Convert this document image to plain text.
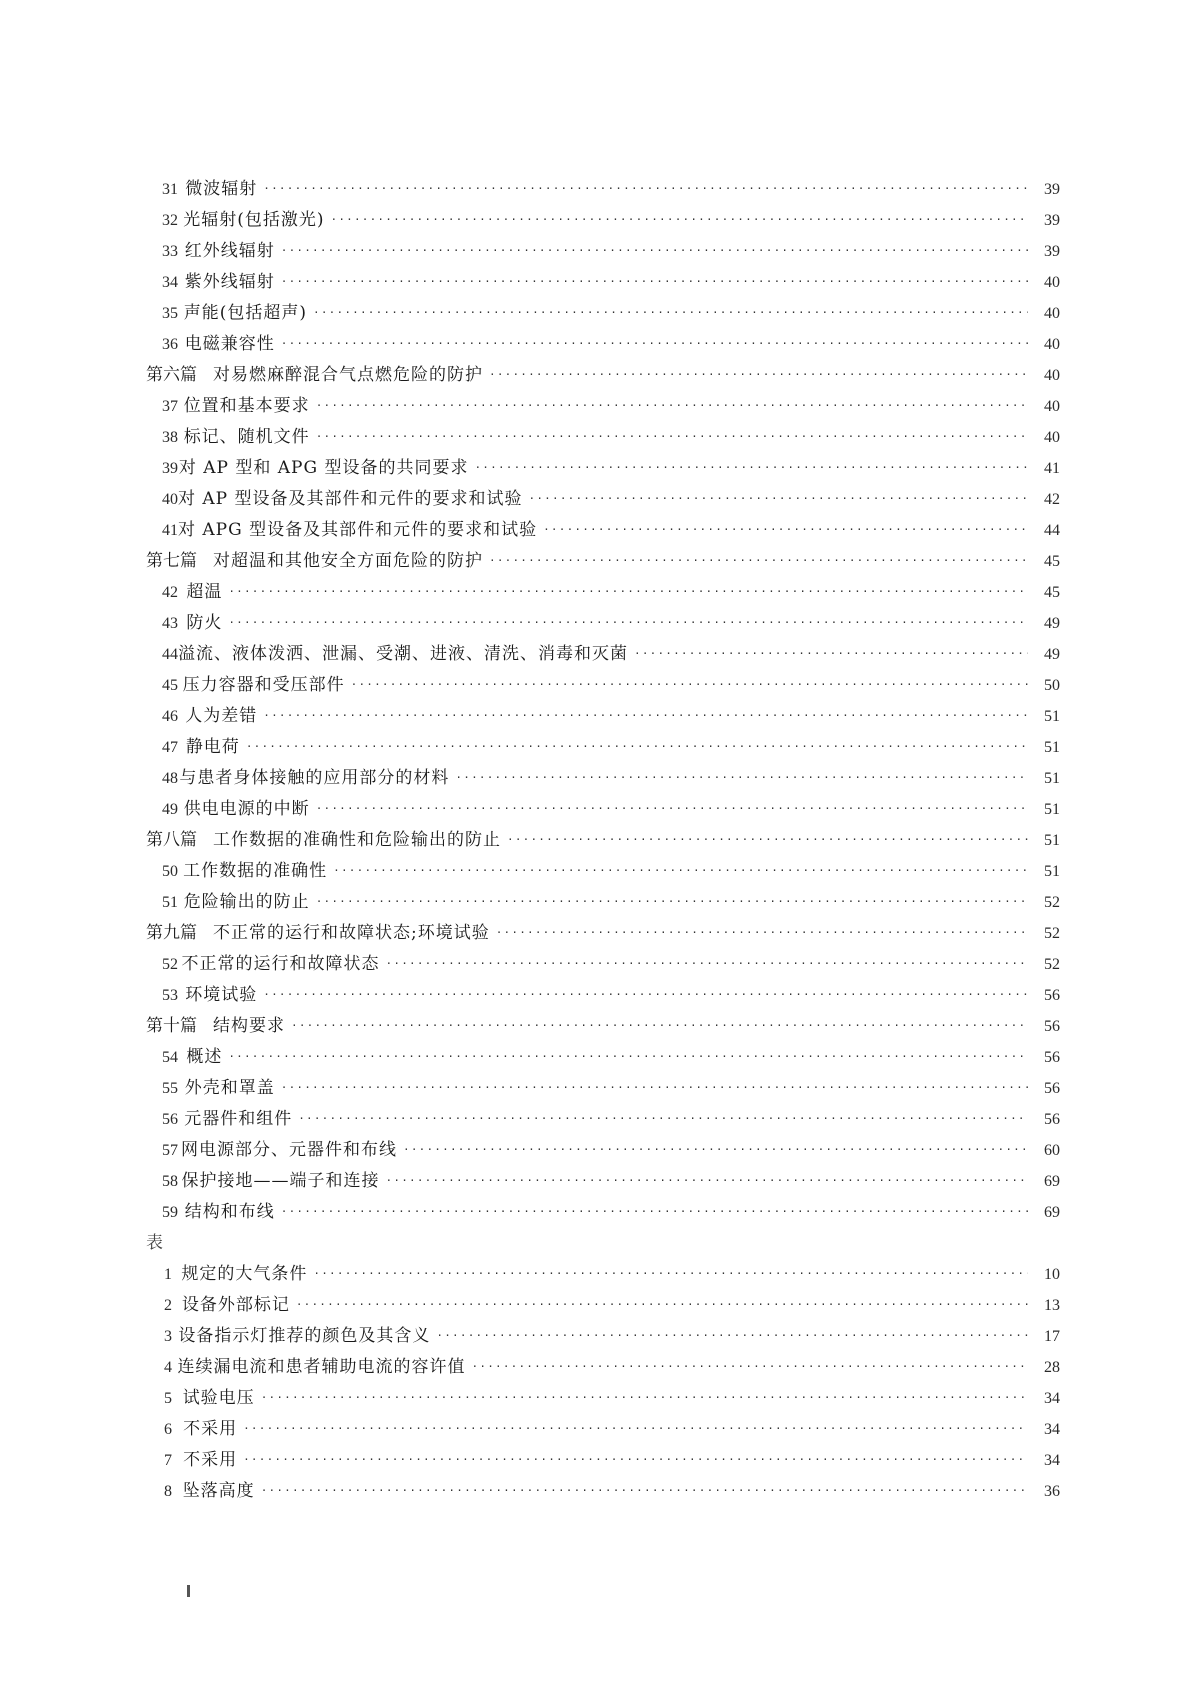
31 微波辐射 ·····	39
32 光辐射(包括激光) ·····	39
33 红外线辐射 ·····	39
34 紫外线辐射 ·····	40
35 声能(包括超声) ·····	40
36 电磁兼容性 ·····	40
第六篇 对易燃麻醉混合气点燃危险的防护 ·····	40
37 位置和基本要求 ·····	40
38 标记、随机文件 ·····	40
39 对 AP 型和 APG 型设备的共同要求 ·····	41
40 对 AP 型设备及其部件和元件的要求和试验 ·····	42
41 对 APG 型设备及其部件和元件的要求和试验 ·····	44
第七篇 对超温和其他安全方面危险的防护 ·····	45
42 超温 ·····	45
43 防火 ·····	49
44 溢流、液体泼洒、泄漏、受潮、进液、清洗、消毒和灭菌 ·····	49
45 压力容器和受压部件 ·····	50
46 人为差错 ·····	51
47 静电荷 ·····	51
48 与患者身体接触的应用部分的材料 ·····	51
49 供电电源的中断 ·····	51
第八篇 工作数据的准确性和危险输出的防止 ·····	51
50 工作数据的准确性 ·····	51
51 危险输出的防止 ·····	52
第九篇 不正常的运行和故障状态;环境试验 ·····	52
52 不正常的运行和故障状态 ·····	52
53 环境试验 ·····	56
第十篇 结构要求 ·····	56
54 概述 ·····	56
55 外壳和罩盖 ·····	56
56 元器件和组件 ·····	56
57 网电源部分、元器件和布线 ·····	60
58 保护接地——端子和连接 ·····	69
59 结构和布线 ·····	69
表
1 规定的大气条件 ·····	10
2 设备外部标记 ·····	13
3 设备指示灯推荐的颜色及其含义 ·····	17
4 连续漏电流和患者辅助电流的容许值 ·····	28
5 试验电压 ·····	34
6 不采用 ·····	34
7 不采用 ·····	34
8 坠落高度 ·····	36
